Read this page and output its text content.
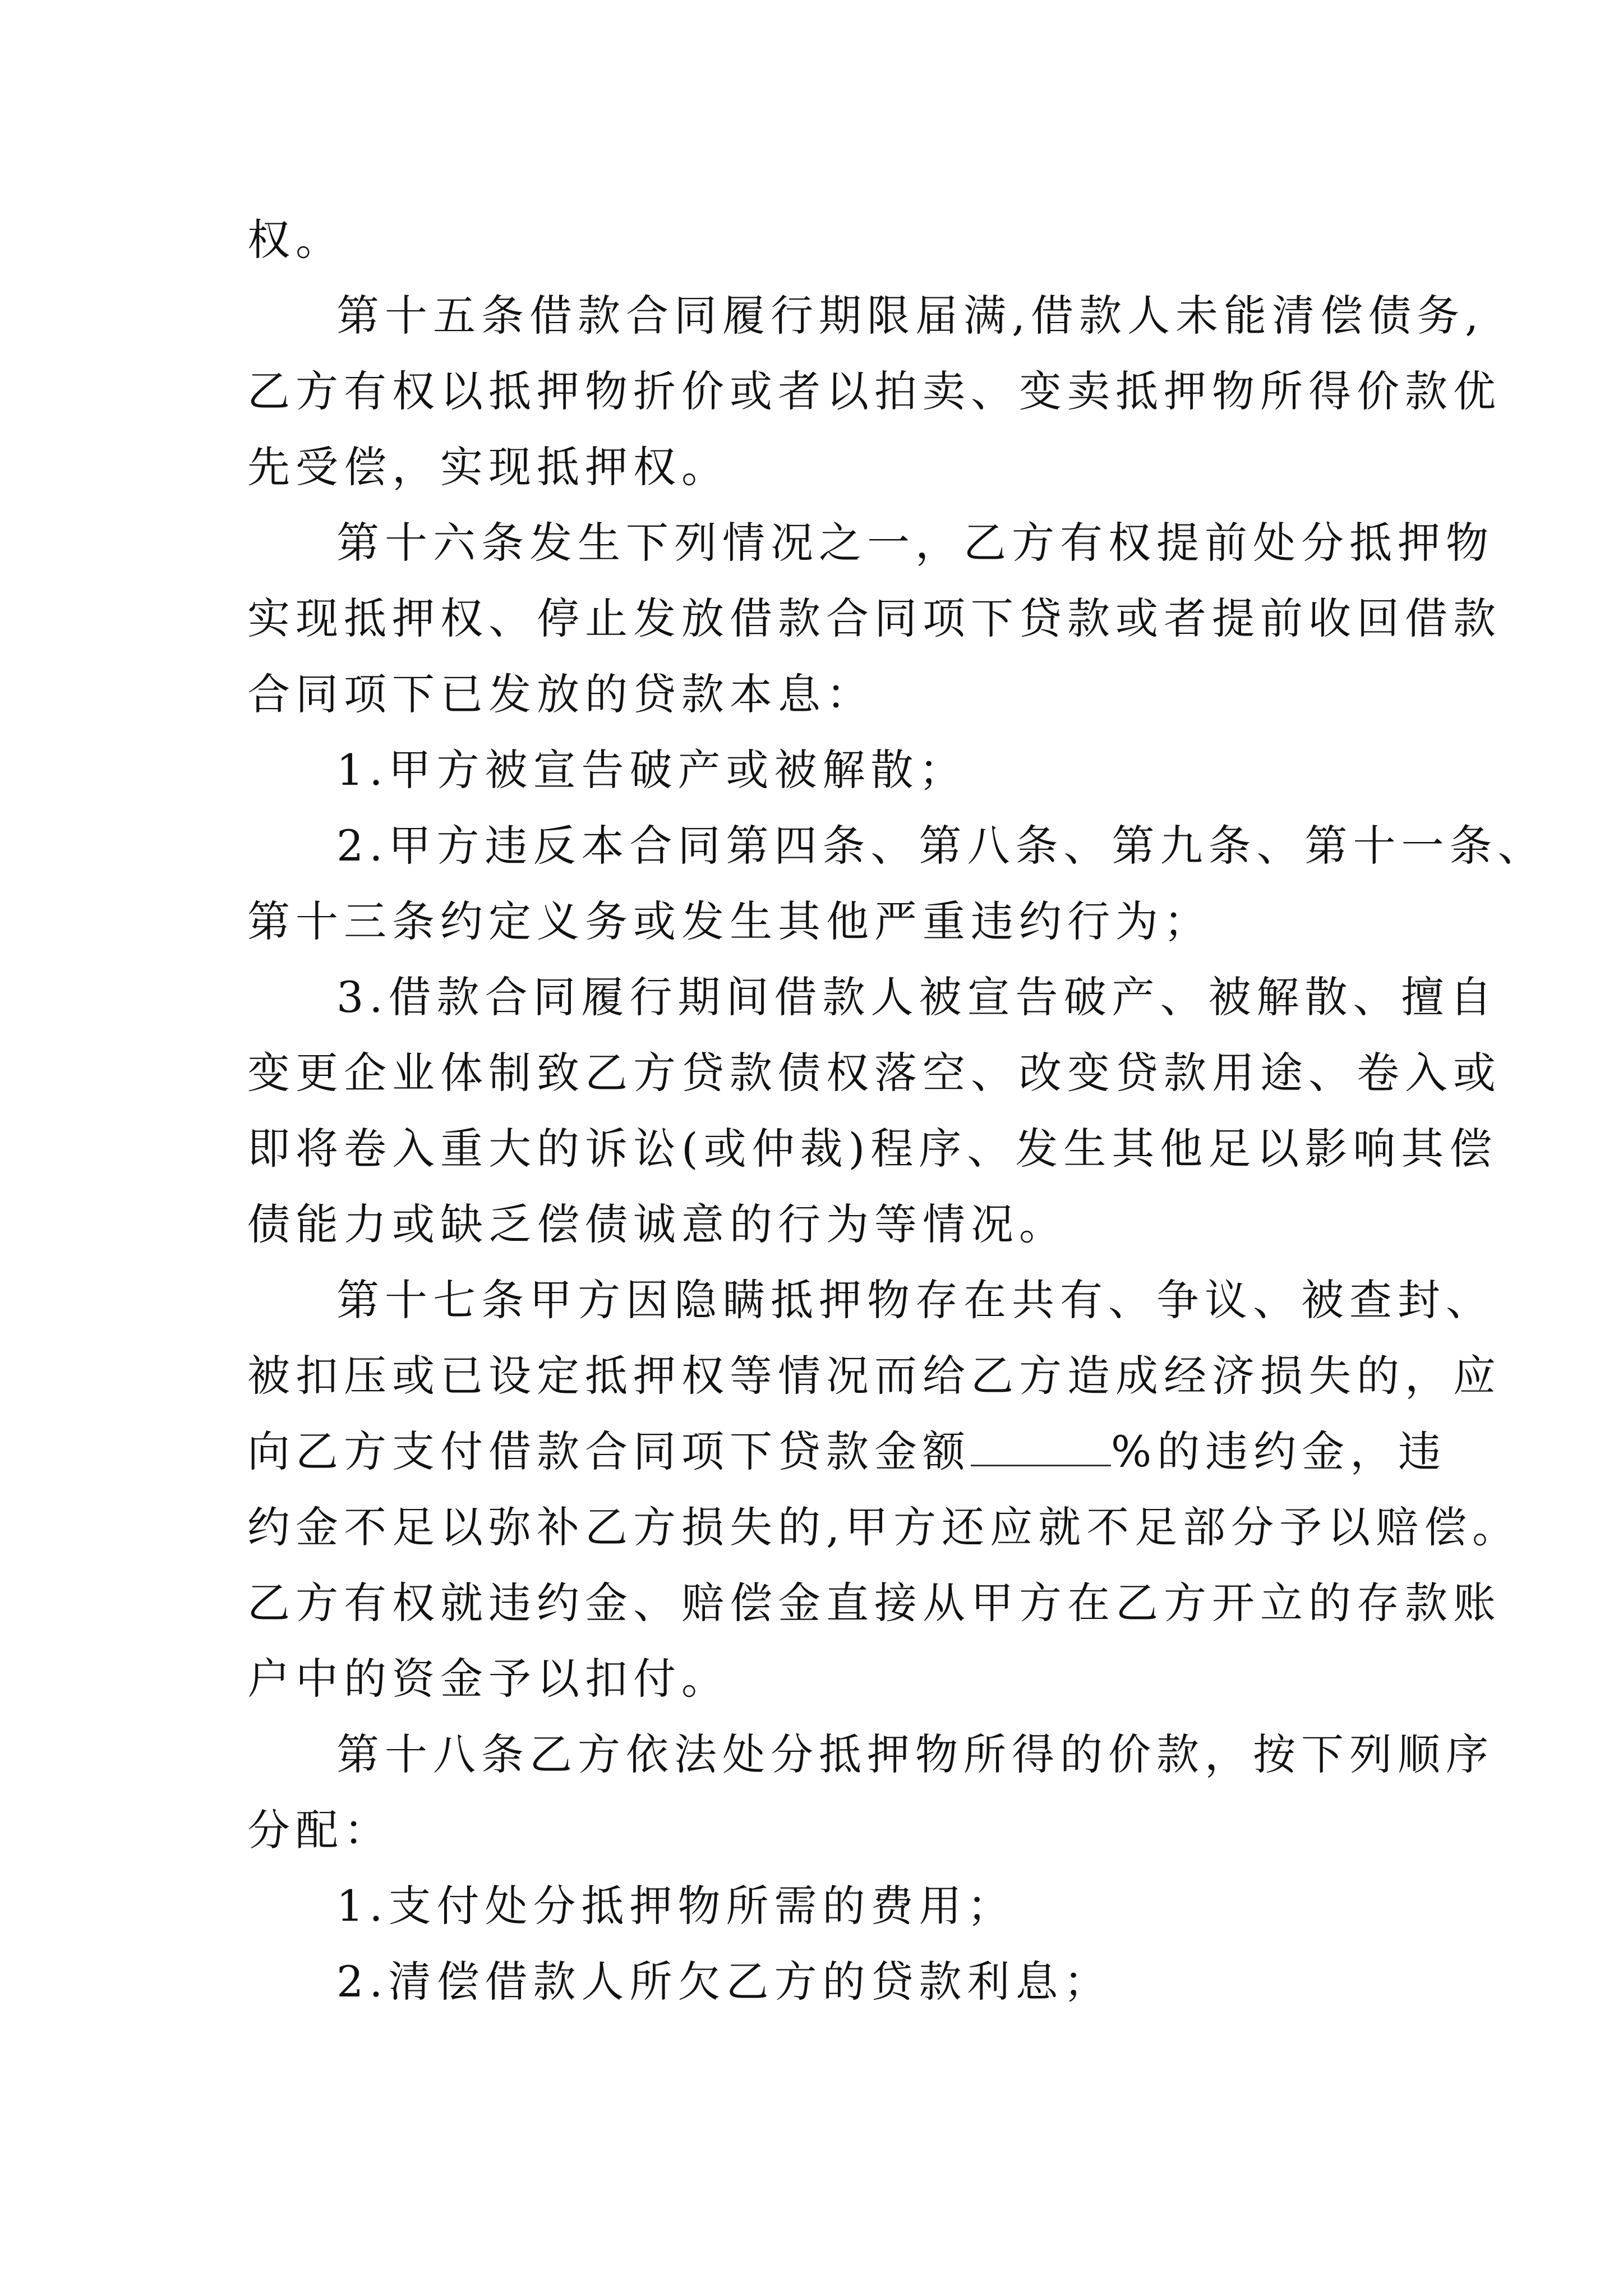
权。

第十五条借款合同履行期限届满,借款人未能清偿债务,

乙方有权以抵押物折价或者以拍卖、变卖抵押物所得价款优

先受偿，实现抵押权。

第十六条发生下列情况之一，乙方有权提前处分抵押物

实现抵押权、停止发放借款合同项下贷款或者提前收回借款

合同项下已发放的贷款本息：

1.甲方被宣告破产或被解散；

2.甲方违反本合同第四条、第八条、第九条、第十一条、

第十三条约定义务或发生其他严重违约行为；

3.借款合同履行期间借款人被宣告破产、被解散、擅自

变更企业体制致乙方贷款债权落空、改变贷款用途、卷入或

即将卷入重大的诉讼(或仲裁)程序、发生其他足以影响其偿

债能力或缺乏偿债诚意的行为等情况。

第十七条甲方因隐瞒抵押物存在共有、争议、被查封、

被扣压或已设定抵押权等情况而给乙方造成经济损失的，应

向乙方支付借款合同项下贷款金额	%的违约金，违

约金不足以弥补乙方损失的,甲方还应就不足部分予以赔偿。

乙方有权就违约金、赔偿金直接从甲方在乙方开立的存款账

户中的资金予以扣付。

第十八条乙方依法处分抵押物所得的价款，按下列顺序

分配：

1.支付处分抵押物所需的费用；

2.清偿借款人所欠乙方的贷款利息；
